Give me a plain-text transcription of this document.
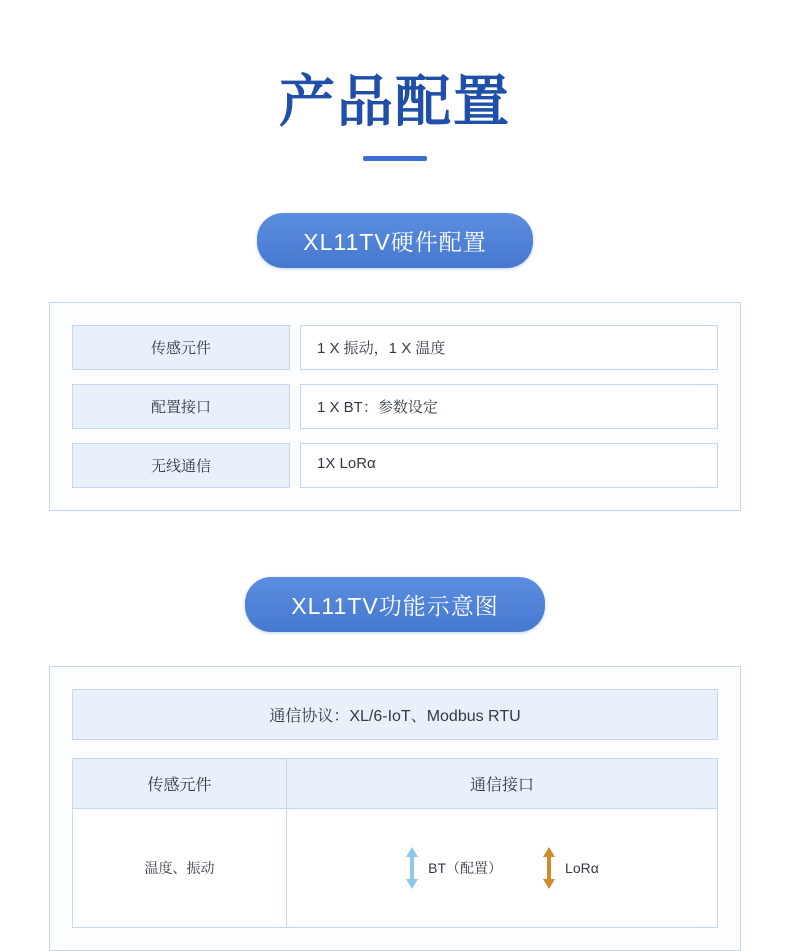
产品配置
XL11TV硬件配置
传感元件	1 X 振动，1 X 温度
配置接口	1 X BT：参数设定
无线通信	1X LoRα
XL11TV功能示意图
通信协议：XL/6-IoT、Modbus RTU
传感元件	通信接口
温度、振动	BT（配置） LoRα
